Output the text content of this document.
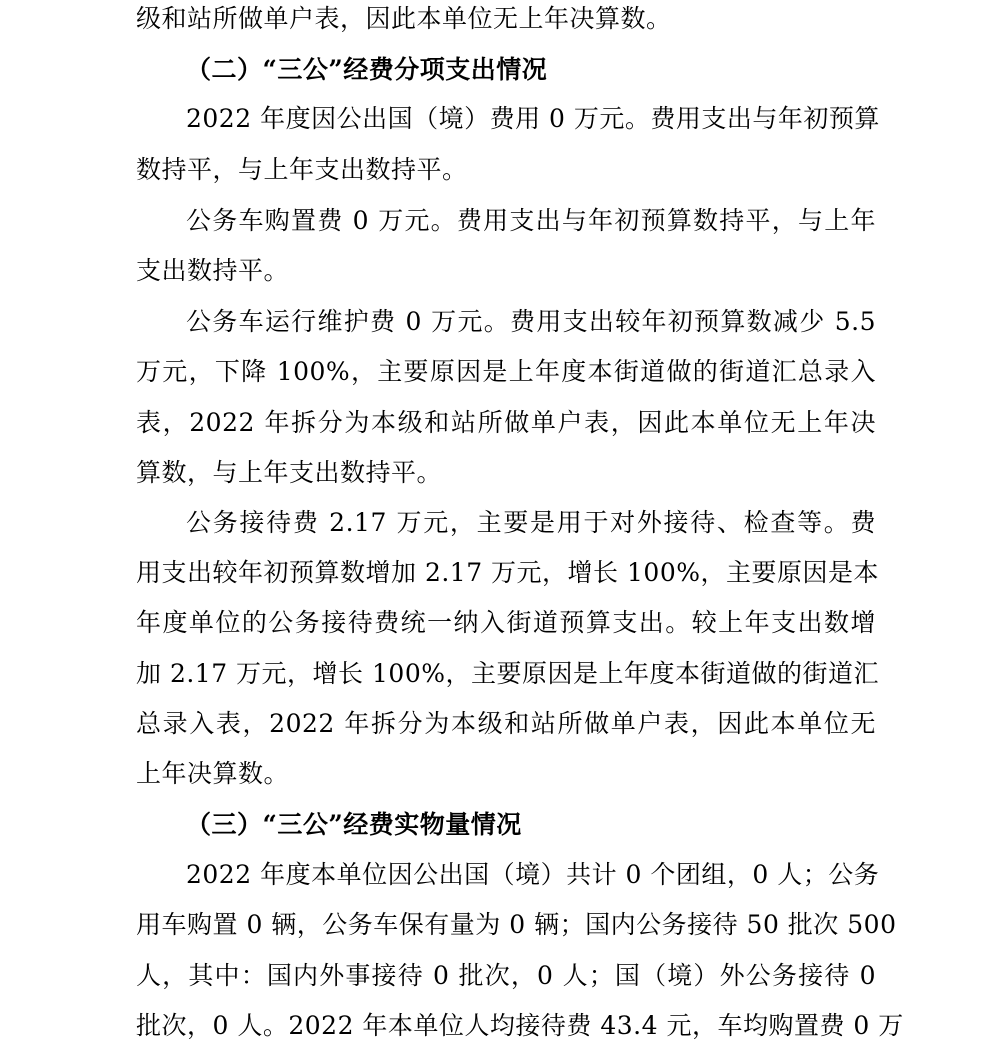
级和站所做单户表，因此本单位无上年决算数。
（二）“三公”经费分项支出情况
2022 年度因公出国（境）费用 0 万元。费用支出与年初预算
数持平，与上年支出数持平。
公务车购置费 0 万元。费用支出与年初预算数持平，与上年
支出数持平。
公务车运行维护费 0 万元。费用支出较年初预算数减少 5.5
万元，下降 100%，主要原因是上年度本街道做的街道汇总录入
表，2022 年拆分为本级和站所做单户表，因此本单位无上年决
算数，与上年支出数持平。
公务接待费 2.17 万元，主要是用于对外接待、检查等。费
用支出较年初预算数增加 2.17 万元，增长 100%，主要原因是本
年度单位的公务接待费统一纳入街道预算支出。较上年支出数增
加 2.17 万元，增长 100%，主要原因是上年度本街道做的街道汇
总录入表，2022 年拆分为本级和站所做单户表，因此本单位无
上年决算数。
（三）“三公”经费实物量情况
2022 年度本单位因公出国（境）共计 0 个团组，0 人；公务
用车购置 0 辆，公务车保有量为 0 辆；国内公务接待 50 批次 500
人，其中：国内外事接待 0 批次，0 人；国（境）外公务接待 0
批次，0 人。2022 年本单位人均接待费 43.4 元，车均购置费 0 万
